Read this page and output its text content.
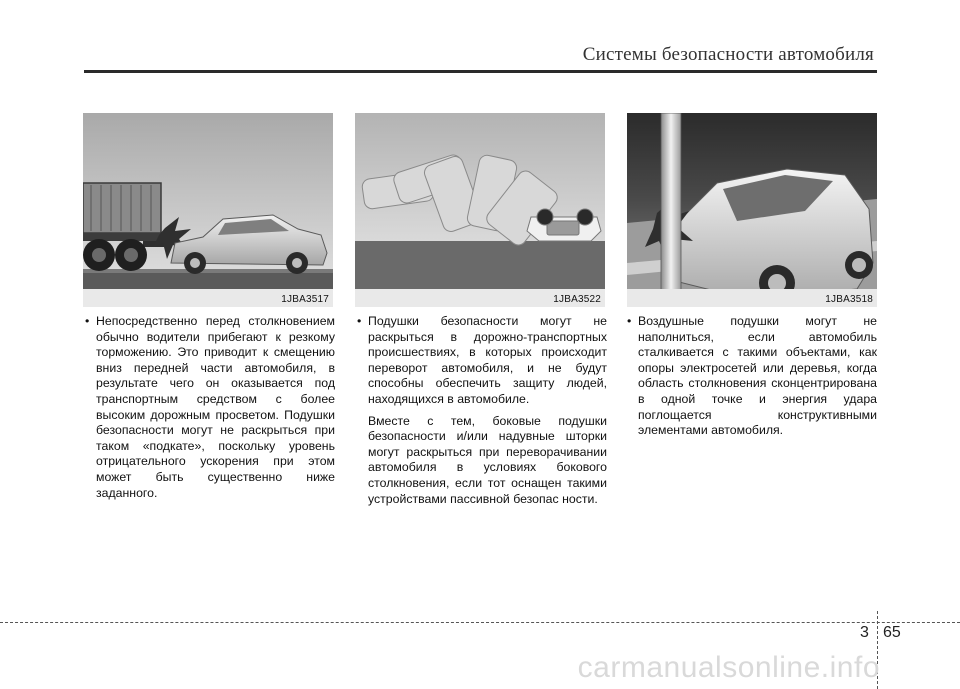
Системы безопасности автомобиля
1JBA3517	1JBA3522	1JBA3518

• Непосредственно перед столкновением обычно водители прибегают к резкому торможению. Это приводит к смещению вниз передней части автомобиля, в результате чего он оказывается под транспортным средством с более высоким дорожным просветом. Подушки безопасности могут не раскрыться при таком «подкате», поскольку уровень отрицательного ускорения при этом может быть существенно ниже заданного.

• Подушки безопасности могут не раскрыться в дорожно-транспортных происшествиях, в которых происходит переворот автомобиля, и не будут способны обеспечить защиту людей, находящихся в автомобиле.

Вместе с тем, боковые подушки безопасности и/или надувные шторки могут раскрыться при переворачивании автомобиля в условиях бокового столкновения, если тот оснащен такими устройствами пассивной безопас ности.

• Воздушные подушки могут не наполниться, если автомобиль сталкивается с такими объектами, как опоры электросетей или деревья, когда область столкновения сконцентрирована в одной точке и энергия удара поглощается конструктивными элементами автомобиля.

3 65
carmanualsonline.info
